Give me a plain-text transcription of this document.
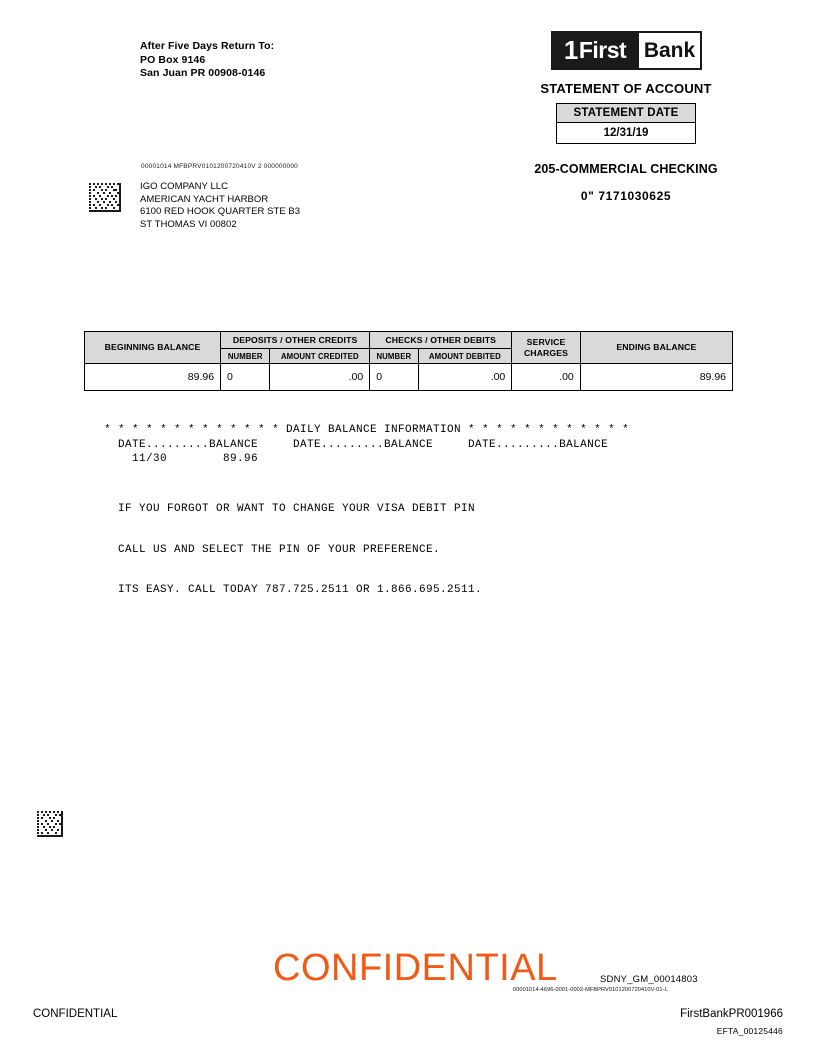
After Five Days Return To:
PO Box 9146
San Juan PR 00908-0146
1 First Bank
STATEMENT OF ACCOUNT
STATEMENT DATE
12/31/19
205-COMMERCIAL CHECKING
0ʺ 7171030625
00001014 MFBPRV0101200720410V 2 000000000
IGO COMPANY LLC
AMERICAN YACHT HARBOR
6100 RED HOOK QUARTER STE B3
ST THOMAS VI 00802
BEGINNING BALANCE	DEPOSITS / OTHER CREDITS		CHECKS / OTHER DEBITS		SERVICE CHARGES	ENDING BALANCE
	NUMBER	AMOUNT CREDITED	NUMBER	AMOUNT DEBITED		
89.96	0	.00	0	.00	.00	89.96
* * * * * * * * * * * * * DAILY BALANCE INFORMATION * * * * * * * * * * * *
DATE.........BALANCE     DATE.........BALANCE     DATE.........BALANCE
11/30        89.96

IF YOU FORGOT OR WANT TO CHANGE YOUR VISA DEBIT PIN

CALL US AND SELECT THE PIN OF YOUR PREFERENCE.

ITS EASY. CALL TODAY 787.725.2511 OR 1.866.695.2511.

CONFIDENTIAL	SDNY_GM_00014803
00001014-4696-0001-0002-MFBPRV0101200720410V-01-L
CONFIDENTIAL	FirstBankPR001966
EFTA_00125446
